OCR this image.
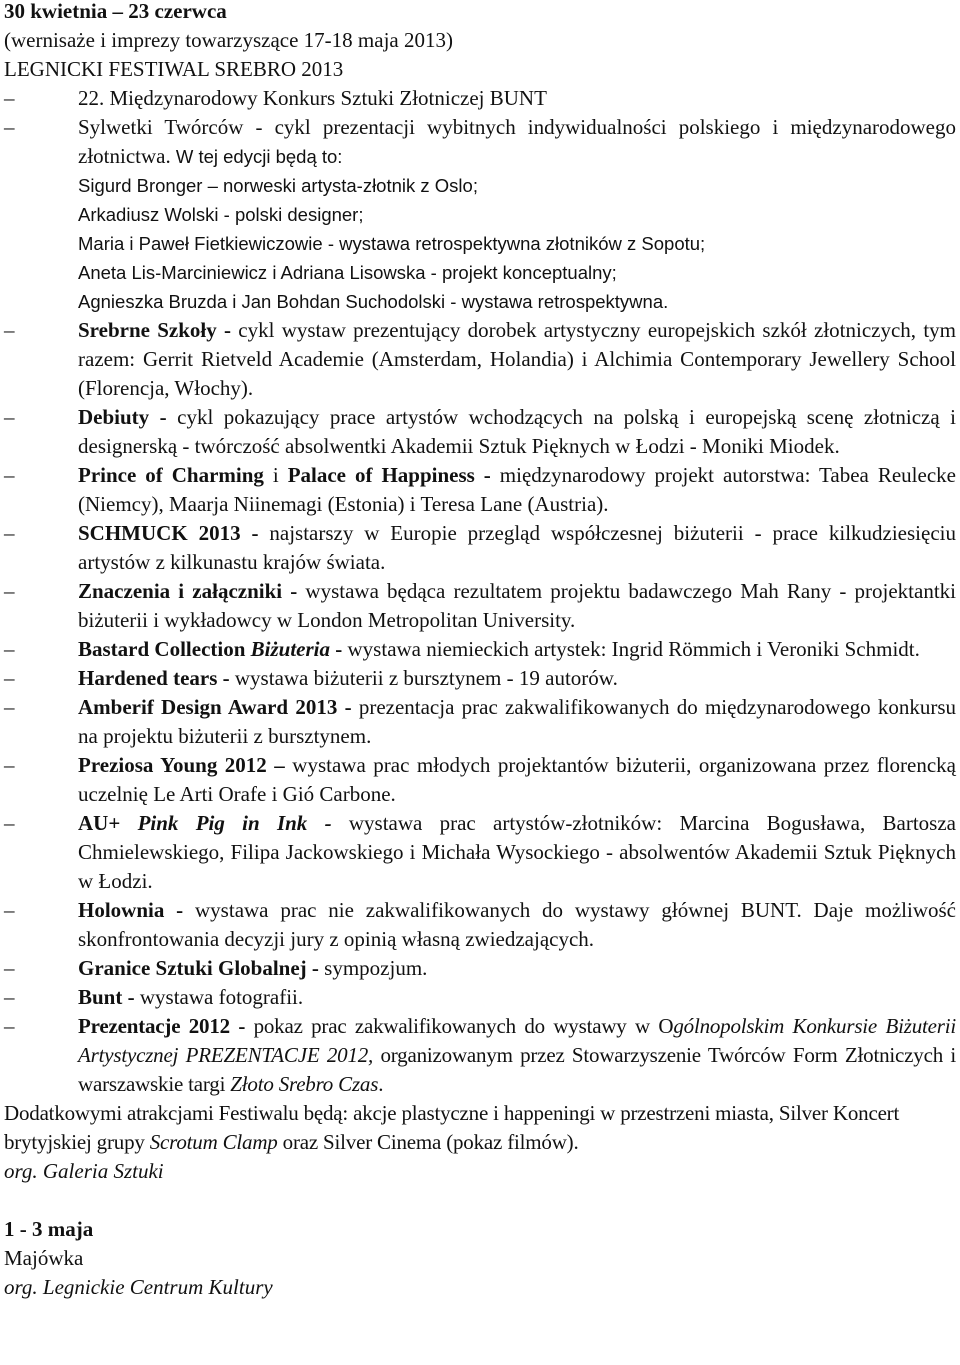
30 kwietnia – 23 czerwca
(wernisaże i imprezy towarzyszące 17-18 maja 2013)
LEGNICKI FESTIWAL SREBRO 2013
–	22. Międzynarodowy Konkurs Sztuki Złotniczej BUNT
–	Sylwetki Twórców - cykl prezentacji wybitnych indywidualności polskiego i międzynarodowego złotnictwa. W tej edycji będą to:
Sigurd Bronger – norweski artysta-złotnik z Oslo;
Arkadiusz Wolski - polski designer;
Maria i Paweł Fietkiewiczowie - wystawa retrospektywna złotników z Sopotu;
Aneta Lis-Marciniewicz i Adriana Lisowska - projekt konceptualny;
Agnieszka Bruzda i Jan Bohdan Suchodolski - wystawa retrospektywna.
–	Srebrne Szkoły - cykl wystaw prezentujący dorobek artystyczny europejskich szkół złotniczych, tym razem: Gerrit Rietveld Academie (Amsterdam, Holandia) i Alchimia Contemporary Jewellery School (Florencja, Włochy).
–	Debiuty - cykl pokazujący prace artystów wchodzących na polską i europejską scenę złotniczą i designerską - twórczość absolwentki Akademii Sztuk Pięknych w Łodzi - Moniki Miodek.
–	Prince of Charming i Palace of Happiness - międzynarodowy projekt autorstwa: Tabea Reulecke (Niemcy), Maarja Niinemagi (Estonia) i Teresa Lane (Austria).
–	SCHMUCK 2013 - najstarszy w Europie przegląd współczesnej biżuterii - prace kilkudziesięciu artystów z kilkunastu krajów świata.
–	Znaczenia i załączniki - wystawa będąca rezultatem projektu badawczego Mah Rany - projektantki biżuterii i wykładowcy w London Metropolitan University.
–	Bastard Collection Biżuteria - wystawa niemieckich artystek: Ingrid Römmich i Veroniki Schmidt.
–	Hardened tears - wystawa biżuterii z bursztynem - 19 autorów.
–	Amberif Design Award 2013 - prezentacja prac zakwalifikowanych do międzynarodowego konkursu na projektu biżuterii z bursztynem.
–	Preziosa Young 2012 – wystawa prac młodych projektantów biżuterii, organizowana przez florencką uczelnię Le Arti Orafe i Gió Carbone.
–	AU+ Pink Pig in Ink - wystawa prac artystów-złotników: Marcina Bogusława, Bartosza Chmielewskiego, Filipa Jackowskiego i Michała Wysockiego - absolwentów Akademii Sztuk Pięknych w Łodzi.
–	Holownia - wystawa prac nie zakwalifikowanych do wystawy głównej BUNT. Daje możliwość skonfrontowania decyzji jury z opinią własną zwiedzających.
–	Granice Sztuki Globalnej - sympozjum.
–	Bunt - wystawa fotografii.
–	Prezentacje 2012 - pokaz prac zakwalifikowanych do wystawy w Ogólnopolskim Konkursie Biżuterii Artystycznej PREZENTACJE 2012, organizowanym przez Stowarzyszenie Twórców Form Złotniczych i warszawskie targi Złoto Srebro Czas.
Dodatkowymi atrakcjami Festiwalu będą: akcje plastyczne i happeningi w przestrzeni miasta, Silver Koncert brytyjskiej grupy Scrotum Clamp oraz Silver Cinema (pokaz filmów).
org. Galeria Sztuki
1 - 3 maja
Majówka
org. Legnickie Centrum Kultury
